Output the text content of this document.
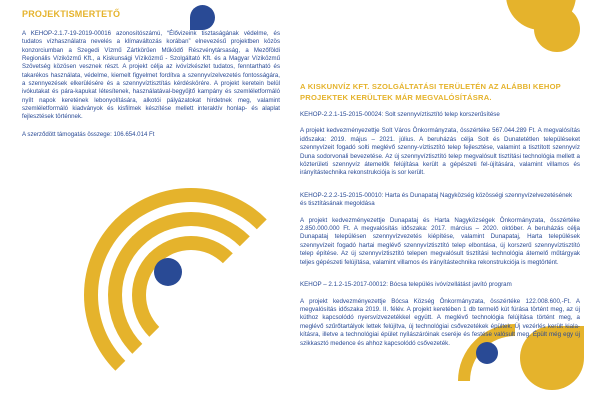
PROJEKTISMERTETŐ

A KEHOP-2.1.7-19-2019-00016 azonosítószámú, “Élővizeink tisztaságának védelme, és tudatos vízhasználatra nevelés a klímaváltozás korában” elnevezésű projektben közös konzorciumban a Szegedi Vízmű Zártkörűen Működő Részvénytársaság, a Mezőföldi Regionális Víziközmű Kft., a Kiskunsági Víziközmű - Szolgáltató Kft. és a Magyar Víziközmű Szövetség közösen vesznek részt. A projekt célja az ivóvízkészlet tudatos, fenntartható és takarékos használata, védelme, kiemelt figyelmet fordítva a szennyvízelvezetés fontosságára, a szennyezések elkerülésére és a szennyvíztisztítás kérdéskörére. A projekt keretein belül ivókutakat és pára-kapukat létesítenek, használatával-begyűjtő kampány és szemléletformáló nyílt napok keretének lebonyolítására, alkotói pályázatokat hirdetnek meg, valamint szemléletformáló kiadványok és kisfilmek készítése mellett interaktív honlap- és alaplat fejlesztések történnek.

A szerződött támogatás összege: 106.654.014 Ft
A KISKUNVÍZ KFT. SZOLGÁLTATÁSI TERÜLETÉN AZ ALÁBBI KEHOP PROJEKTEK KERÜLTEK MÁR MEGVALÓSÍTÁSRA.

KEHOP-2.2.1-15-2015-00024: Solt szennyvíztisztító telep korszerűsítése

A projekt kedvezményezettje Solt Város Önkormányzata, összértéke 567.044.289 Ft. A megvalósítás időszaka: 2019. május – 2021. július. A beruházás célja Solt és Dunatetétlen településeket szennyvízeit fogadó solti meglévő szenny-víztisztító telep fejlesztése, valamint a tisztított szennyvíz Duna sodorvonali bevezetése. Az új szennyvíztisztító telep megvalósult tisztítási technológia mellett a közterületi szennyvíz átemelők felújítása került a gépészeti fel-újítására, valamint villamos és irányítástechnika rekonstrukciója is sor került.

KEHOP-2.2.2-15-2015-00010: Harta és Dunapataj Nagyközség közösségi szennyvízelvezetésének és tisztításának megoldása

A projekt kedvezményezettje Dunapataj és Harta Nagyközségek Önkormányzata, összértéke 2.850.000.000 Ft. A megvalósítás időszaka: 2017. március – 2020. október. A beruházás célja Dunapataj településen szennyvízvezetés kiépítése, valamint Dunapataj, Harta települések szennyvízeit fogadó hartai meglévő szennyvíztisztító telep elbontása, új korszerű szennyvíztisztító telep építése. Az új szennyvíztisztító telepen megvalósult tisztítási technológia átemelő műtárgyak teljes gépészeti felújítása, valamint villamos és irányítástechnika rekonstrukciója is megtörtént.

KEHOP – 2.1.2-15-2017-00012: Bócsa település ivóvízellátást javító program

A projekt kedvezményezettje Bócsa Község Önkormányzata, összértéke 122.008.600,-Ft. A megvalósítás időszaka 2019. II. félév. A projekt keretében 1 db termelő kút fúrása történt meg, az új kúthoz kapcsolódó nyersvízvezetékkel együtt. A meglévő technológia felújítása történt meg, a meglévő szűrőtartályok lettek felújítva, új technológiai csővezetékek épültek. Új vezérlés került kiala-kításra, illetve a technológiai épület nyílászáróinak cseréje és festése valósult meg. Épült még egy új szikkasztó medence és ahhoz kapcsolódó csővezeték.
